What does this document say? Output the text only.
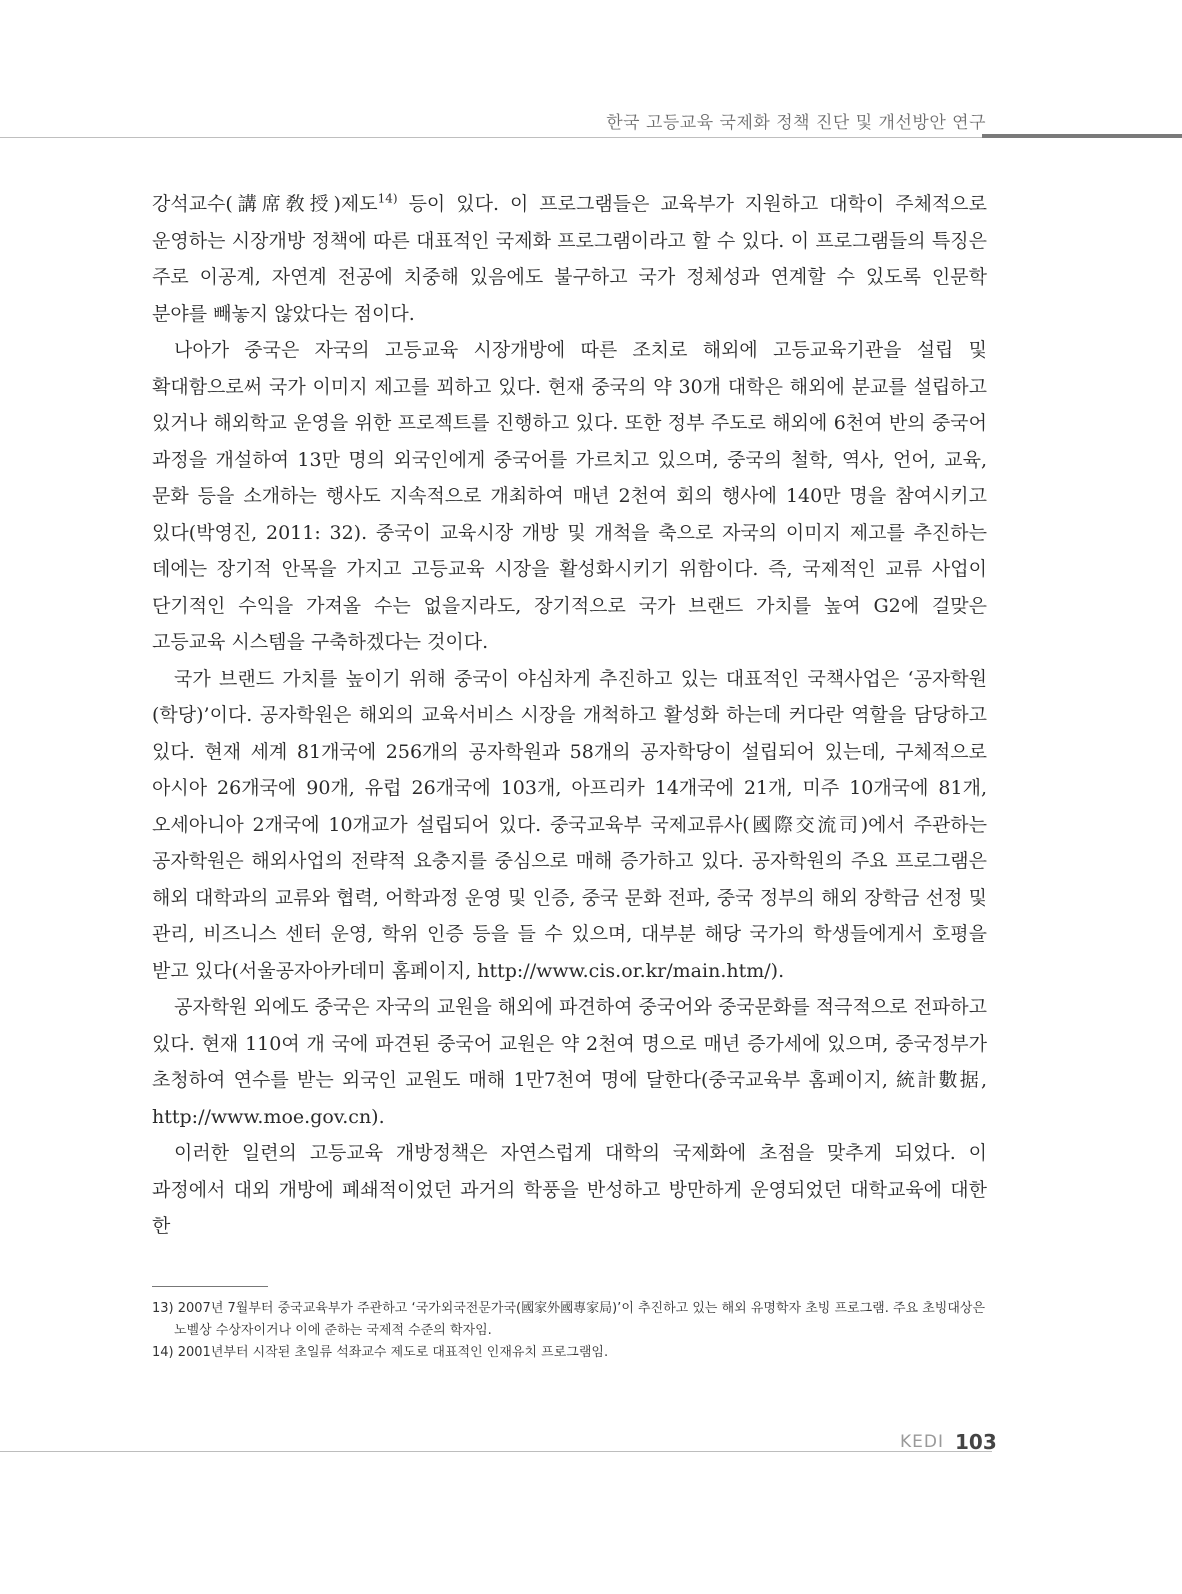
한국 고등교육 국제화 정책 진단 및 개선방안 연구

강석교수(講席敎授)제도$^{14)}$ 등이 있다. 이 프로그램들은 교육부가 지원하고 대학이 주체적으로 운영하는 시장개방 정책에 따른 대표적인 국제화 프로그램이라고 할 수 있다. 이 프로그램들의 특징은 주로 이공계, 자연계 전공에 치중해 있음에도 불구하고 국가 정체성과 연계할 수 있도록 인문학 분야를 빼놓지 않았다는 점이다.

나아가 중국은 자국의 고등교육 시장개방에 따른 조치로 해외에 고등교육기관을 설립 및 확대함으로써 국가 이미지 제고를 꾀하고 있다. 현재 중국의 약 30개 대학은 해외에 분교를 설립하고 있거나 해외학교 운영을 위한 프로젝트를 진행하고 있다. 또한 정부 주도로 해외에 6천여 반의 중국어 과정을 개설하여 13만 명의 외국인에게 중국어를 가르치고 있으며, 중국의 철학, 역사, 언어, 교육, 문화 등을 소개하는 행사도 지속적으로 개최하여 매년 2천여 회의 행사에 140만 명을 참여시키고 있다(박영진, 2011: 32). 중국이 교육시장 개방 및 개척을 축으로 자국의 이미지 제고를 추진하는 데에는 장기적 안목을 가지고 고등교육 시장을 활성화시키기 위함이다. 즉, 국제적인 교류 사업이 단기적인 수익을 가져올 수는 없을지라도, 장기적으로 국가 브랜드 가치를 높여 G2에 걸맞은 고등교육 시스템을 구축하겠다는 것이다.

국가 브랜드 가치를 높이기 위해 중국이 야심차게 추진하고 있는 대표적인 국책사업은 ‘공자학원(학당)’이다. 공자학원은 해외의 교육서비스 시장을 개척하고 활성화 하는데 커다란 역할을 담당하고 있다. 현재 세계 81개국에 256개의 공자학원과 58개의 공자학당이 설립되어 있는데, 구체적으로 아시아 26개국에 90개, 유럽 26개국에 103개, 아프리카 14개국에 21개, 미주 10개국에 81개, 오세아니아 2개국에 10개교가 설립되어 있다. 중국교육부 국제교류사(國際交流司)에서 주관하는 공자학원은 해외사업의 전략적 요충지를 중심으로 매해 증가하고 있다. 공자학원의 주요 프로그램은 해외 대학과의 교류와 협력, 어학과정 운영 및 인증, 중국 문화 전파, 중국 정부의 해외 장학금 선정 및 관리, 비즈니스 센터 운영, 학위 인증 등을 들 수 있으며, 대부분 해당 국가의 학생들에게서 호평을 받고 있다(서울공자아카데미 홈페이지, http://www.cis.or.kr/main.htm/).

공자학원 외에도 중국은 자국의 교원을 해외에 파견하여 중국어와 중국문화를 적극적으로 전파하고 있다. 현재 110여 개 국에 파견된 중국어 교원은 약 2천여 명으로 매년 증가세에 있으며, 중국정부가 초청하여 연수를 받는 외국인 교원도 매해 1만7천여 명에 달한다(중국교육부 홈페이지, 統計數据, http://www.moe.gov.cn).

이러한 일련의 고등교육 개방정책은 자연스럽게 대학의 국제화에 초점을 맞추게 되었다. 이 과정에서 대외 개방에 폐쇄적이었던 과거의 학풍을 반성하고 방만하게 운영되었던 대학교육에 대한 한

13) 2007년 7월부터 중국교육부가 주관하고 ‘국가외국전문가국(國家外國專家局)’이 추진하고 있는 해외 유명학자 초빙 프로그램. 주요 초빙대상은 노벨상 수상자이거나 이에 준하는 국제적 수준의 학자임.

14) 2001년부터 시작된 초일류 석좌교수 제도로 대표적인 인재유치 프로그램임.

KEDI 103
